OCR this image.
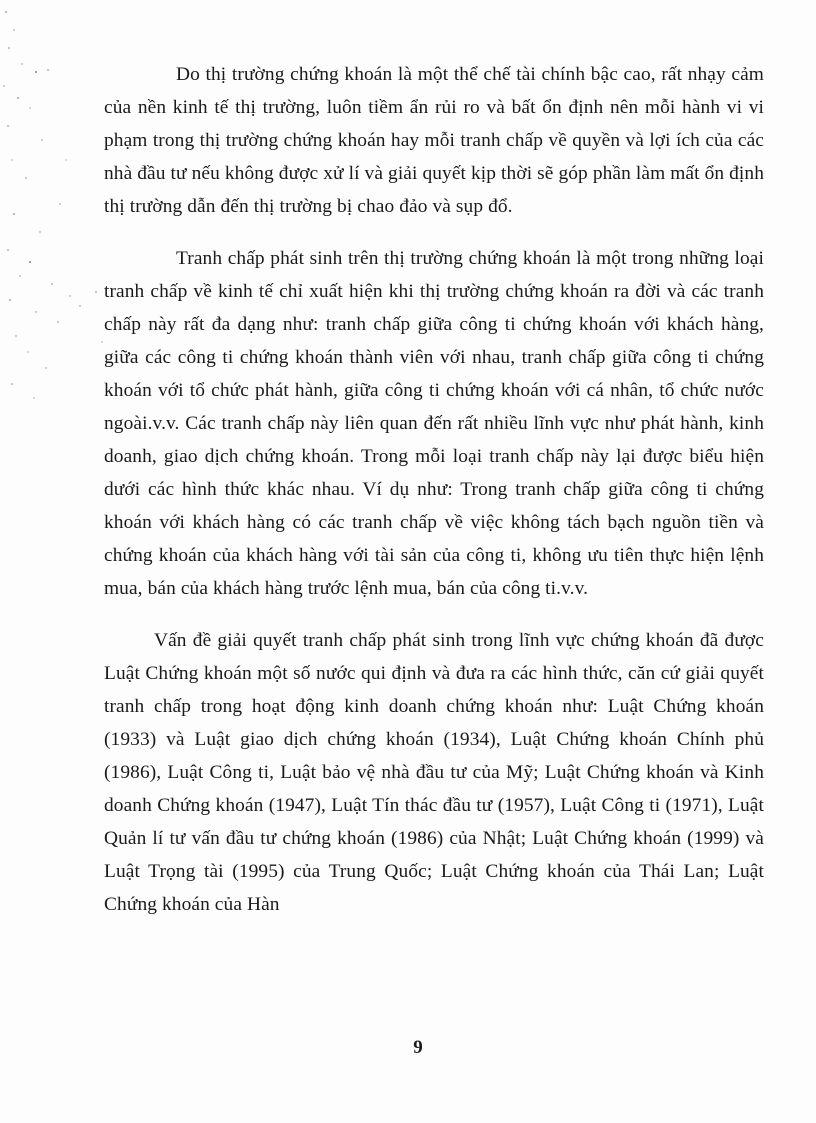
Do thị trường chứng khoán là một thể chế tài chính bậc cao, rất nhạy cảm của nền kinh tế thị trường, luôn tiềm ẩn rủi ro và bất ổn định nên mỗi hành vi vi phạm trong thị trường chứng khoán hay mỗi tranh chấp về quyền và lợi ích của các nhà đầu tư nếu không được xử lí và giải quyết kịp thời sẽ góp phần làm mất ổn định thị trường dẫn đến thị trường bị chao đảo và sụp đổ.

Tranh chấp phát sinh trên thị trường chứng khoán là một trong những loại tranh chấp về kinh tế chỉ xuất hiện khi thị trường chứng khoán ra đời và các tranh chấp này rất đa dạng như: tranh chấp giữa công ti chứng khoán với khách hàng, giữa các công ti chứng khoán thành viên với nhau, tranh chấp giữa công ti chứng khoán với tổ chức phát hành, giữa công ti chứng khoán với cá nhân, tổ chức nước ngoài.v.v. Các tranh chấp này liên quan đến rất nhiều lĩnh vực như phát hành, kinh doanh, giao dịch chứng khoán. Trong mỗi loại tranh chấp này lại được biểu hiện dưới các hình thức khác nhau. Ví dụ như: Trong tranh chấp giữa công ti chứng khoán với khách hàng có các tranh chấp về việc không tách bạch nguồn tiền và chứng khoán của khách hàng với tài sản của công ti, không ưu tiên thực hiện lệnh mua, bán của khách hàng trước lệnh mua, bán của công ti.v.v.

Vấn đề giải quyết tranh chấp phát sinh trong lĩnh vực chứng khoán đã được Luật Chứng khoán một số nước qui định và đưa ra các hình thức, căn cứ giải quyết tranh chấp trong hoạt động kinh doanh chứng khoán như: Luật Chứng khoán (1933) và Luật giao dịch chứng khoán (1934), Luật Chứng khoán Chính phủ (1986), Luật Công ti, Luật bảo vệ nhà đầu tư của Mỹ; Luật Chứng khoán và Kinh doanh Chứng khoán (1947), Luật Tín thác đầu tư (1957), Luật Công ti (1971), Luật Quản lí tư vấn đầu tư chứng khoán (1986) của Nhật; Luật Chứng khoán (1999) và Luật Trọng tài (1995) của Trung Quốc; Luật Chứng khoán của Thái Lan; Luật Chứng khoán của Hàn

9
